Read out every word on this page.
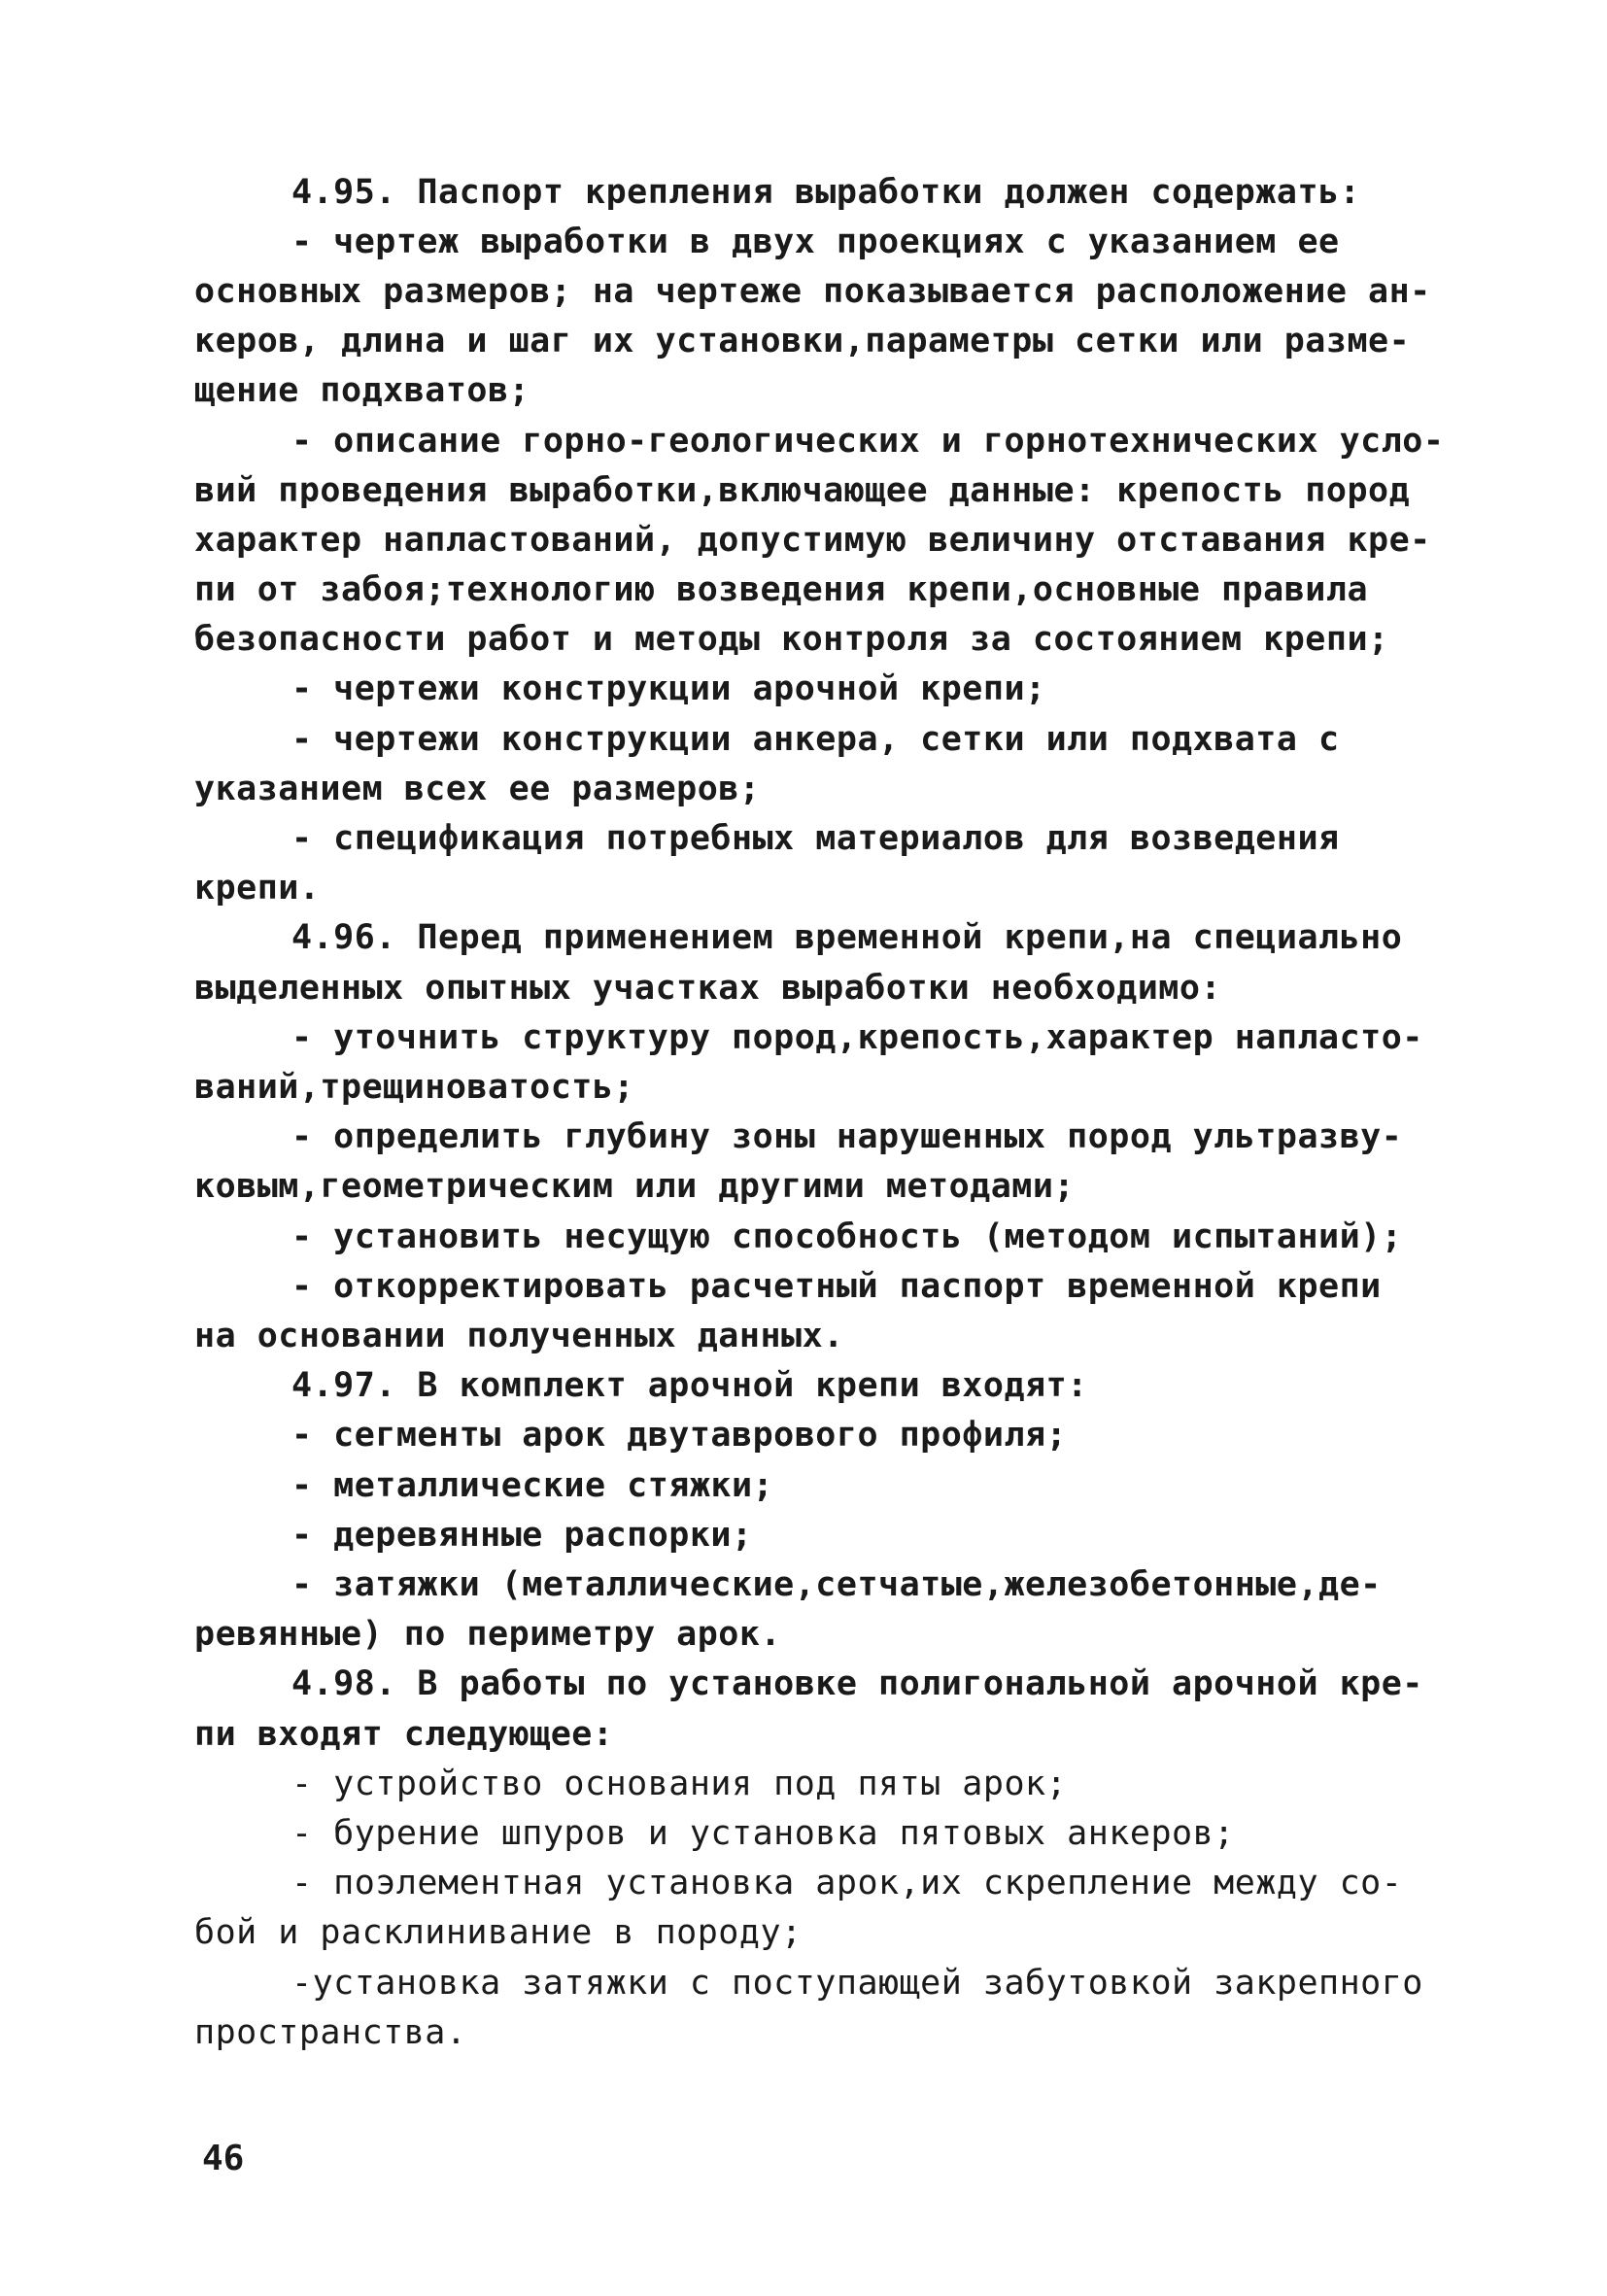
4.95. Паспорт крепления выработки должен содержать:
- чертеж выработки в двух проекциях с указанием ее
основных размеров; на чертеже показывается расположение ан-
керов, длина и шаг их установки,параметры сетки или разме-
щение подхватов;
- описание горно-геологических и горнотехнических усло-
вий проведения выработки,включающее данные: крепость пород
характер напластований, допустимую величину отставания кре-
пи от забоя;технологию возведения крепи,основные правила
безопасности работ и методы контроля за состоянием крепи;
- чертежи конструкции арочной крепи;
- чертежи конструкции анкера, сетки или подхвата с
указанием всех ее размеров;
- спецификация потребных материалов для возведения
крепи.
4.96. Перед применением временной крепи,на специально
выделенных опытных участках выработки необходимо:
- уточнить структуру пород,крепость,характер напласто-
ваний,трещиноватость;
- определить глубину зоны нарушенных пород ультразву-
ковым,геометрическим или другими методами;
- установить несущую способность (методом испытаний);
- откорректировать расчетный паспорт временной крепи
на основании полученных данных.
4.97. В комплект арочной крепи входят:
- сегменты арок двутаврового профиля;
- металлические стяжки;
- деревянные распорки;
- затяжки (металлические,сетчатые,железобетонные,де-
ревянные) по периметру арок.
4.98. В работы по установке полигональной арочной кре-
пи входят следующее:
- устройство основания под пяты арок;
- бурение шпуров и установка пятовых анкеров;
- поэлементная установка арок,их скрепление между со-
бой и расклинивание в породу;
-установка затяжки с поступающей забутовкой закрепного
пространства.
46
